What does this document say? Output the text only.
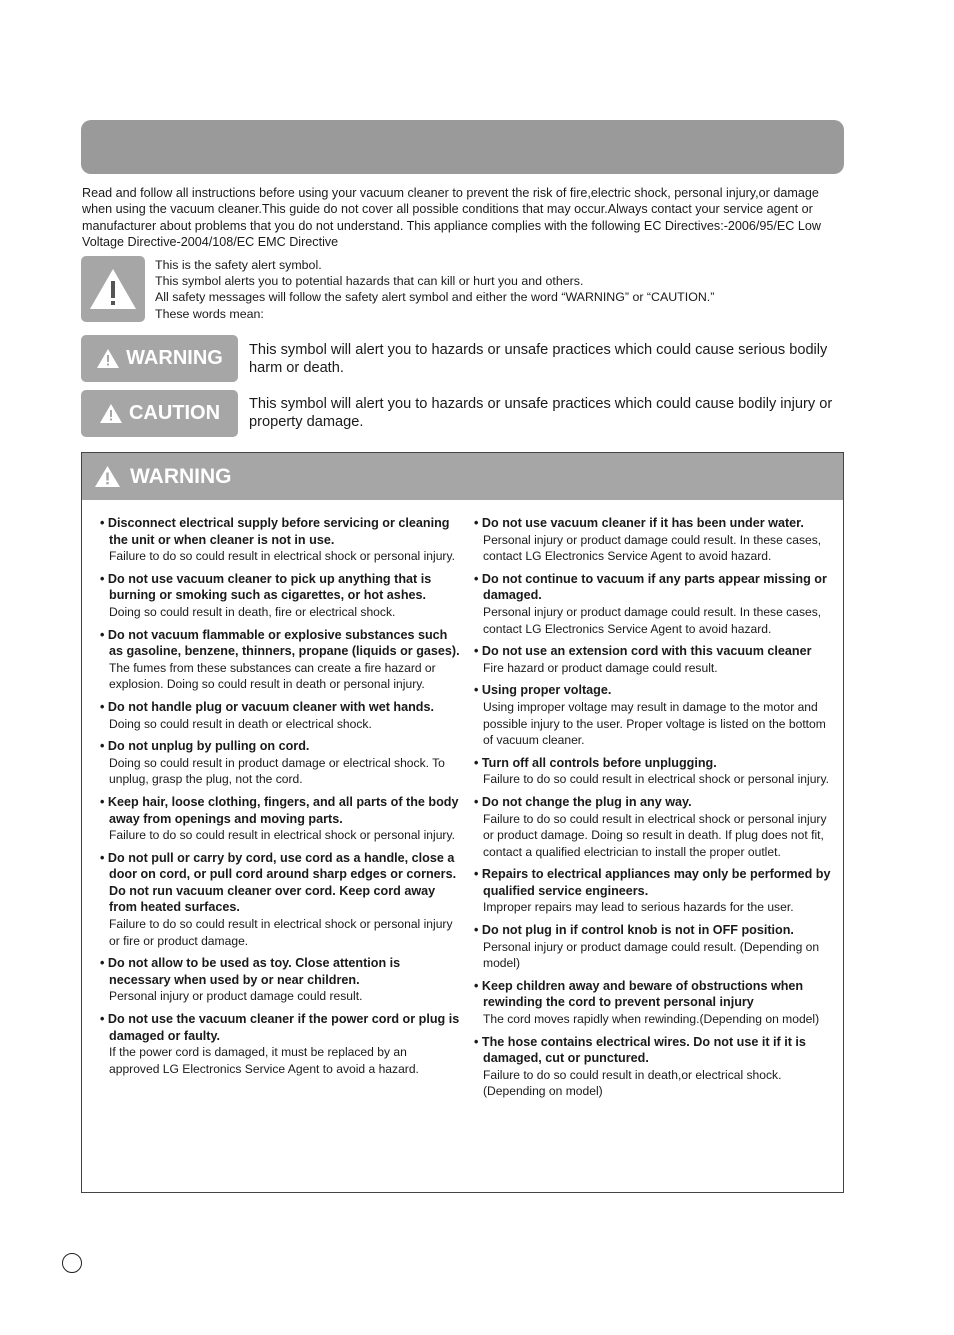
Read and follow all instructions before using your vacuum cleaner to prevent the risk of fire,electric shock, personal injury,or damage when using the vacuum cleaner.This guide do not cover all possible conditions that may occur.Always contact your service agent or manufacturer about problems that you do not understand. This appliance complies with the following EC Directives:-2006/95/EC Low Voltage Directive-2004/108/EC EMC Directive

This is the safety alert symbol.
This symbol alerts you to potential hazards that can kill or hurt you and others.
All safety messages will follow the safety alert symbol and either the word “WARNING” or “CAUTION.”
These words mean:
WARNING This symbol will alert you to hazards or unsafe practices which could cause serious bodily harm or death.
CAUTION This symbol will alert you to hazards or unsafe practices which could cause bodily injury or property damage.
WARNING
• Disconnect electrical supply before servicing or cleaning the unit or when cleaner is not in use.
Failure to do so could result in electrical shock or personal injury.
• Do not use vacuum cleaner to pick up anything that is burning or smoking such as cigarettes, or hot ashes.
Doing so could result in death, fire or electrical shock.
• Do not vacuum flammable or explosive substances such as gasoline, benzene, thinners, propane (liquids or gases).
The fumes from these substances can create a fire hazard or explosion. Doing so could result in death or personal injury.
• Do not handle plug or vacuum cleaner with wet hands.
Doing so could result in death or electrical shock.
• Do not unplug by pulling on cord.
Doing so could result in product damage or electrical shock. To unplug, grasp the plug, not the cord.
• Keep hair, loose clothing, fingers, and all parts of the body away from openings and moving parts.
Failure to do so could result in electrical shock or personal injury.
• Do not pull or carry by cord, use cord as a handle, close a door on cord, or pull cord around sharp edges or corners. Do not run vacuum cleaner over cord. Keep cord away from heated surfaces.
Failure to do so could result in electrical shock or personal injury or fire or product damage.
• Do not allow to be used as toy. Close attention is necessary when used by or near children.
Personal injury or product damage could result.
• Do not use the vacuum cleaner if the power cord or plug is damaged or faulty.
If the power cord is damaged, it must be replaced by an approved LG Electronics Service Agent to avoid a hazard.
• Do not use vacuum cleaner if it has been under water.
Personal injury or product damage could result. In these cases, contact LG Electronics Service Agent to avoid hazard.
• Do not continue to vacuum if any parts appear missing or damaged.
Personal injury or product damage could result. In these cases, contact LG Electronics Service Agent to avoid hazard.
• Do not use an extension cord with this vacuum cleaner
Fire hazard or product damage could result.
• Using proper voltage.
Using improper voltage may result in damage to the motor and possible injury to the user. Proper voltage is listed on the bottom of vacuum cleaner.
• Turn off all controls before unplugging.
Failure to do so could result in electrical shock or personal injury.
• Do not change the plug in any way.
Failure to do so could result in electrical shock or personal injury or product damage. Doing so result in death. If plug does not fit, contact a qualified electrician to install the proper outlet.
• Repairs to electrical appliances may only be performed by qualified service engineers.
Improper repairs may lead to serious hazards for the user.
• Do not plug in if control knob is not in OFF position.
Personal injury or product damage could result. (Depending on model)
• Keep children away and beware of obstructions when rewinding the cord to prevent personal injury
The cord moves rapidly when rewinding.(Depending on model)
• The hose contains electrical wires. Do not use it if it is damaged, cut or punctured.
Failure to do so could result in death,or electrical shock. (Depending on model)
